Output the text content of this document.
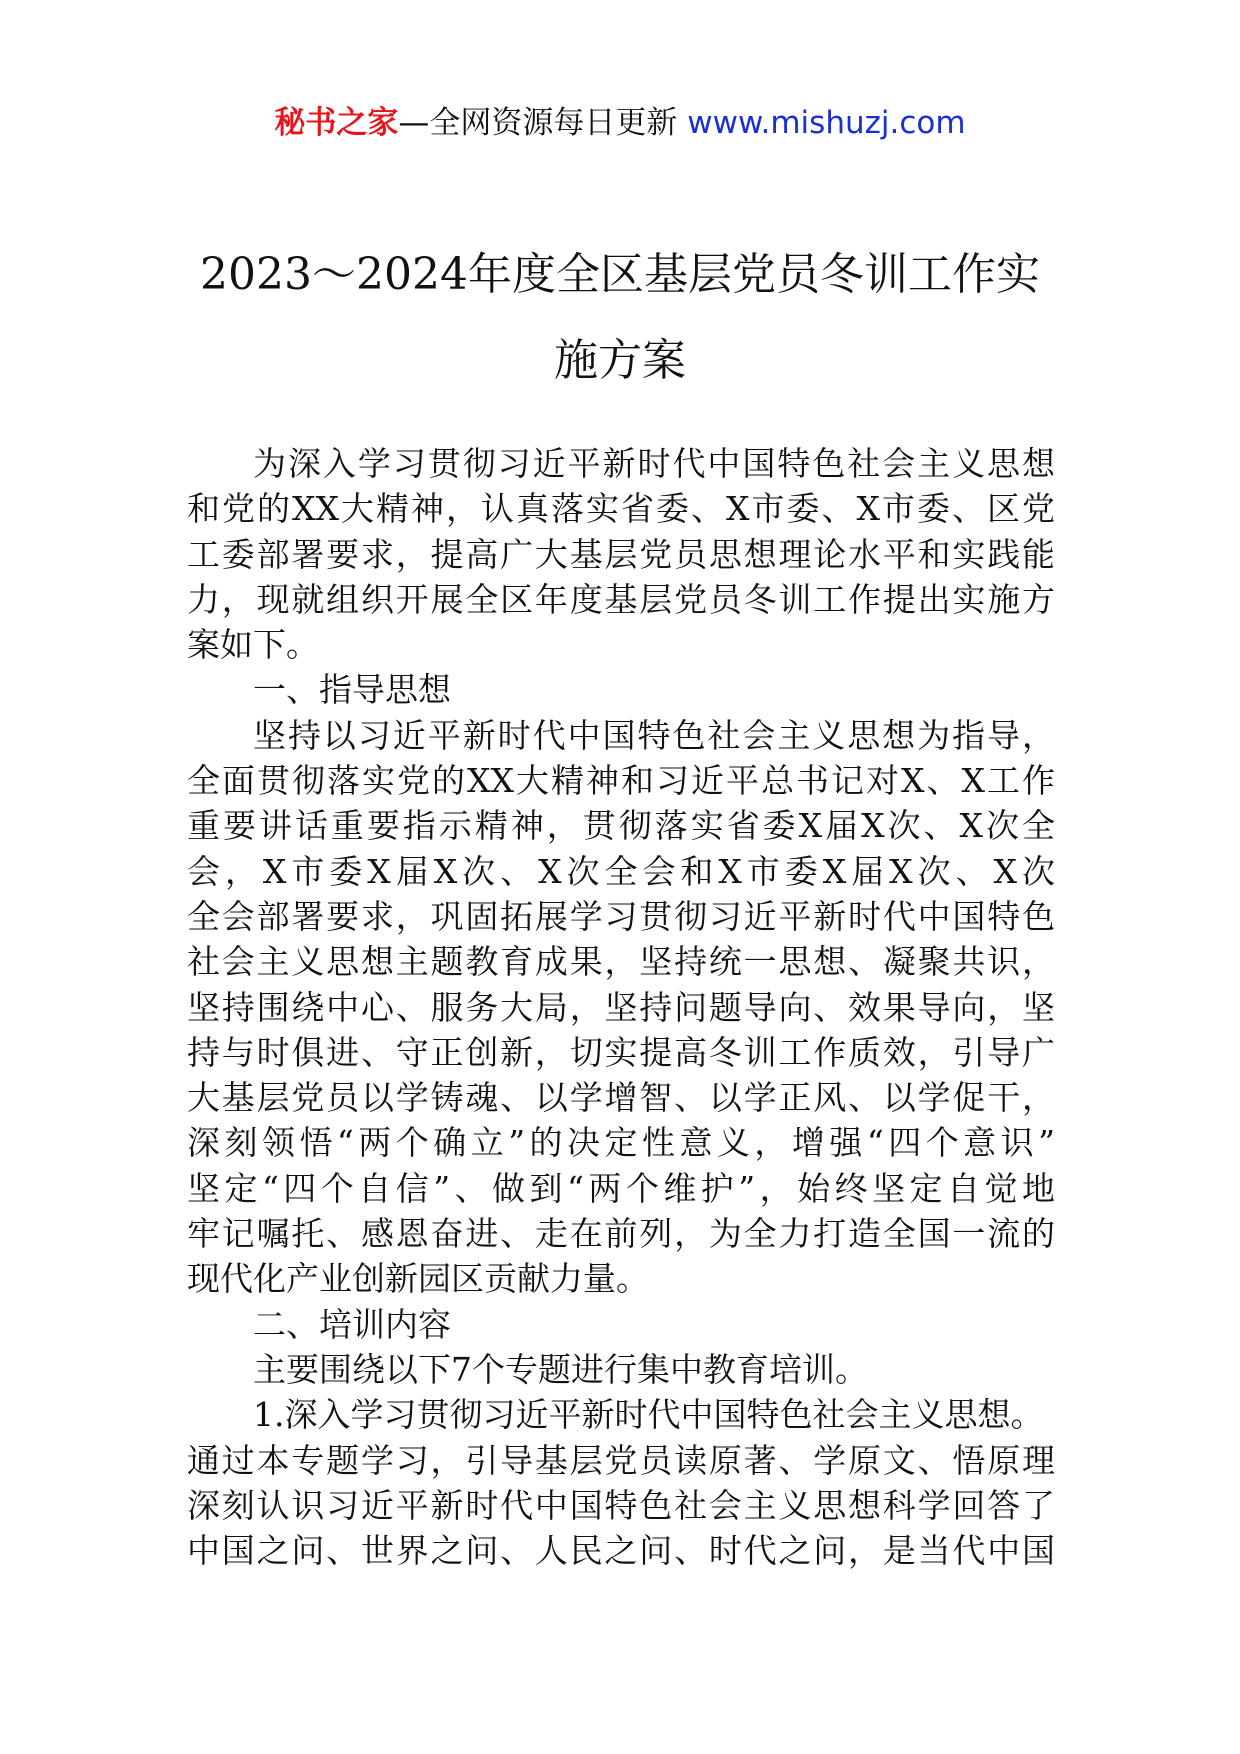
秘书之家—全网资源每日更新 www.mishuzj.com
2023～2024年度全区基层党员冬训工作实
施方案
为深入学习贯彻习近平新时代中国特色社会主义思想
和党的XX大精神，认真落实省委、X市委、X市委、区党
工委部署要求，提高广大基层党员思想理论水平和实践能
力，现就组织开展全区年度基层党员冬训工作提出实施方
案如下。
一、指导思想
坚持以习近平新时代中国特色社会主义思想为指导，
全面贯彻落实党的XX大精神和习近平总书记对X、X工作
重要讲话重要指示精神，贯彻落实省委X届X次、X次全
会，X市委X届X次、X次全会和X市委X届X次、X次
全会部署要求，巩固拓展学习贯彻习近平新时代中国特色
社会主义思想主题教育成果，坚持统一思想、凝聚共识，
坚持围绕中心、服务大局，坚持问题导向、效果导向，坚
持与时俱进、守正创新，切实提高冬训工作质效，引导广
大基层党员以学铸魂、以学增智、以学正风、以学促干，
深刻领悟“两个确立”的决定性意义，增强“四个意识”
坚定“四个自信”、做到“两个维护”，始终坚定自觉地
牢记嘱托、感恩奋进、走在前列，为全力打造全国一流的
现代化产业创新园区贡献力量。
二、培训内容
主要围绕以下7个专题进行集中教育培训。
1.深入学习贯彻习近平新时代中国特色社会主义思想。
通过本专题学习，引导基层党员读原著、学原文、悟原理
深刻认识习近平新时代中国特色社会主义思想科学回答了
中国之问、世界之问、人民之问、时代之问，是当代中国
